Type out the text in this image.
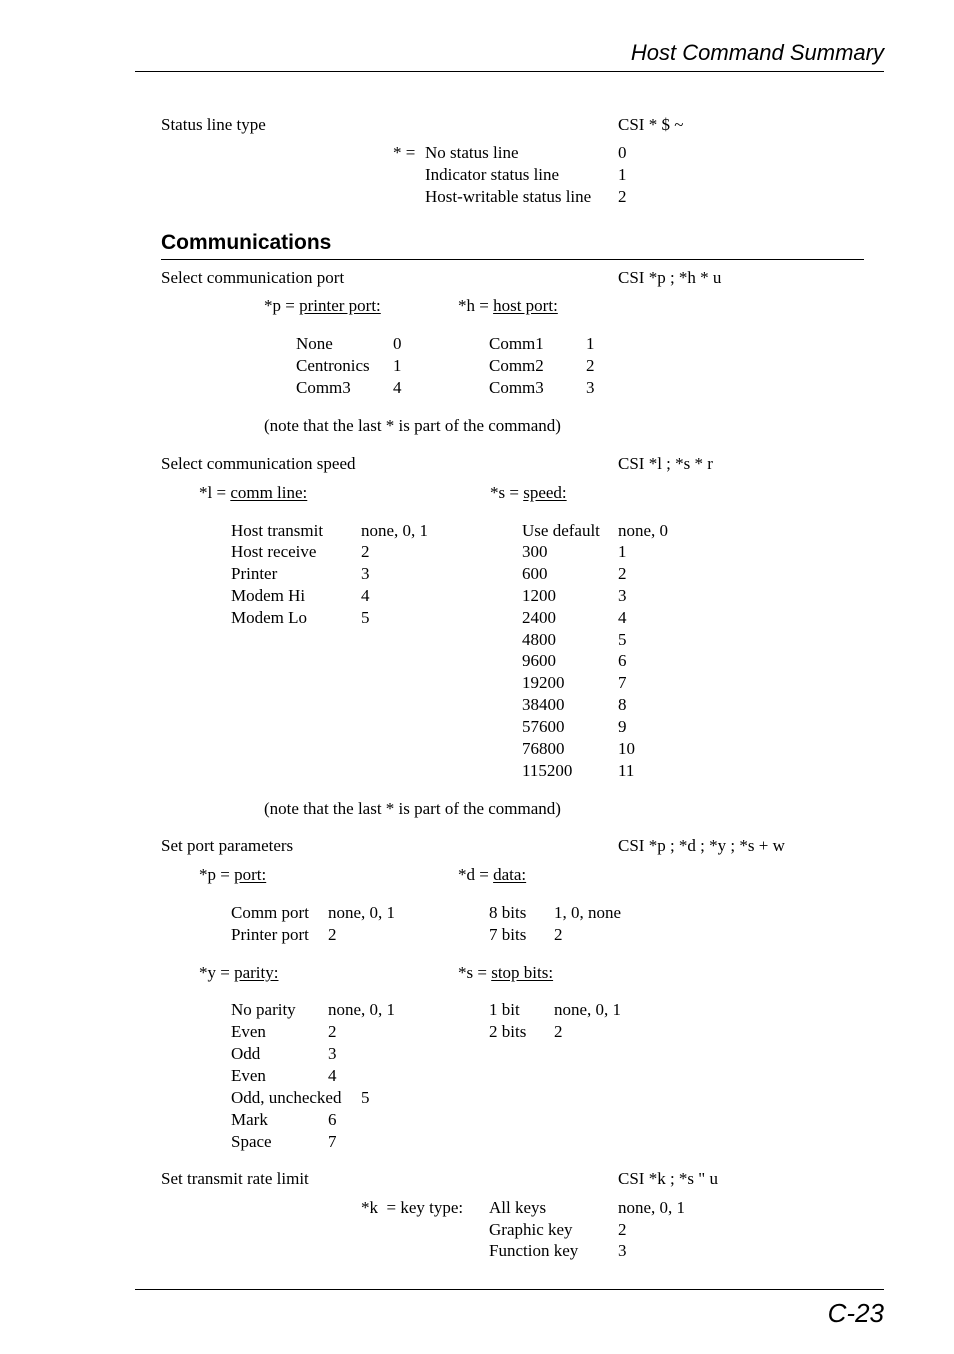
Host Command Summary
Status line type	CSI * $ ~
* = No status line	0
Indicator status line	1
Host-writable status line 2
Communications
Select communication port	CSI *p ; *h * u
*p = printer port:	*h = host port:
None	0
Centronics 1
Comm3 4
Comm1 1
Comm2 2
Comm3 3
(note that the last * is part of the command)
Select communication speed	CSI *l ; *s * r
*l = comm line:	*s = speed:
Host transmit none, 0, 1
Host receive	2
Printer	3
Modem Hi	4
Modem Lo	5
Use default none, 0
300	1
600	2
1200	3
2400	4
4800	5
9600	6
19200	7
38400	8
57600	9
76800	10
115200	11
(note that the last * is part of the command)
Set port parameters	CSI *p ; *d ; *y ; *s + w
*p = port:	*d = data:
Comm port none, 0, 1
Printer port 2
8 bits 1, 0, none
7 bits 2
*y = parity:	*s = stop bits:
No parity none, 0, 1
Even	2
Odd	3
Even	4
Odd, unchecked 5
Mark	6
Space	7
1 bit none, 0, 1
2 bits 2
Set transmit rate limit	CSI *k ; *s " u
*k  = key type: All keys	none, 0, 1
Graphic key	2
Function key 3
C-23
